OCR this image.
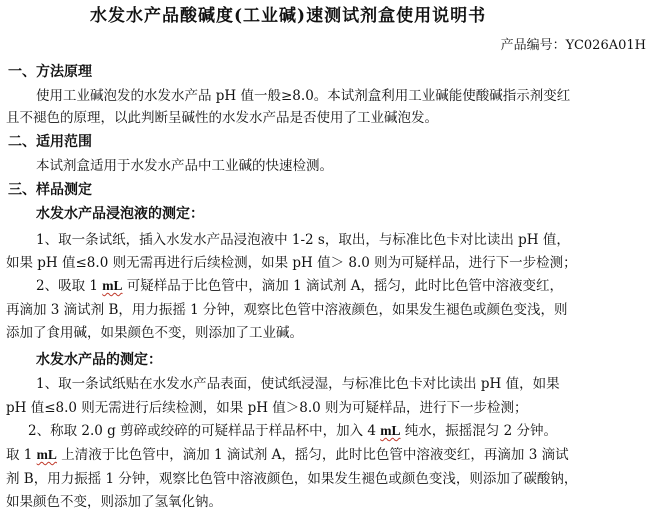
水发水产品酸碱度(工业碱)速测试剂盒使用说明书
产品编号：YC026A01H
一、方法原理
使用工业碱泡发的水发水产品 pH 值一般≥8.0。本试剂盒利用工业碱能使酸碱指示剂变红
且不褪色的原理，以此判断呈碱性的水发水产品是否使用了工业碱泡发。
二、适用范围
本试剂盒适用于水发水产品中工业碱的快速检测。
三、样品测定
水发水产品浸泡液的测定：
1、取一条试纸，插入水发水产品浸泡液中 1-2 s，取出，与标准比色卡对比读出 pH 值，
如果 pH 值≤8.0 则无需再进行后续检测，如果 pH 值＞ 8.0 则为可疑样品，进行下一步检测；
2、吸取 1 mL 可疑样品于比色管中，滴加 1 滴试剂 A，摇匀，此时比色管中溶液变红，
再滴加 3 滴试剂 B，用力振摇 1 分钟，观察比色管中溶液颜色，如果发生褪色或颜色变浅，则
添加了食用碱，如果颜色不变，则添加了工业碱。
水发水产品的测定：
1、取一条试纸贴在水发水产品表面，使试纸浸湿，与标准比色卡对比读出 pH 值，如果
pH 值≤8.0 则无需进行后续检测，如果 pH 值＞8.0 则为可疑样品，进行下一步检测；
2、称取 2.0 g 剪碎或绞碎的可疑样品于样品杯中，加入 4 mL 纯水，振摇混匀 2 分钟。
取 1 mL 上清液于比色管中，滴加 1 滴试剂 A，摇匀，此时比色管中溶液变红，再滴加 3 滴试
剂 B，用力振摇 1 分钟，观察比色管中溶液颜色，如果发生褪色或颜色变浅，则添加了碳酸钠，
如果颜色不变，则添加了氢氧化钠。
